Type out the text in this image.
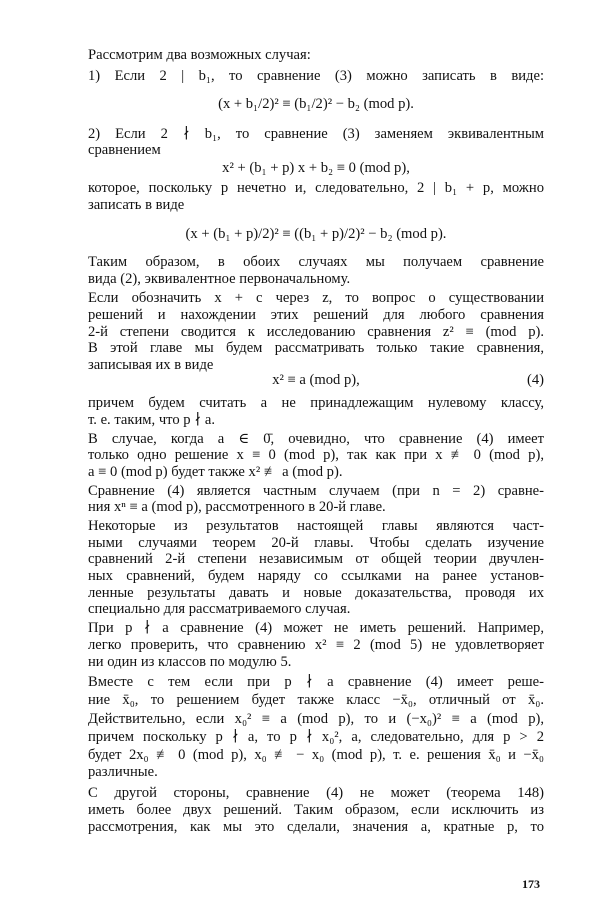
Рассмотрим два возможных случая:
1) Если 2 | b₁, то сравнение (3) можно записать в виде:
(x + b₁/2)² ≡ (b₁/2)² − b₂ (mod p).
2) Если 2 ∤ b₁, то сравнение (3) заменяем эквивалентным
сравнением
x² + (b₁ + p) x + b₂ ≡ 0 (mod p),
которое, поскольку p нечетно и, следовательно, 2 | b₁ + p, можно
записать в виде
(x + (b₁ + p)/2)² ≡ ((b₁ + p)/2)² − b₂ (mod p).
Таким образом, в обоих случаях мы получаем сравнение
вида (2), эквивалентное первоначальному.
Если обозначить x + c через z, то вопрос о существовании
решений и нахождении этих решений для любого сравнения
2-й степени сводится к исследованию сравнения z² ≡ (mod p).
В этой главе мы будем рассматривать только такие сравнения,
записывая их в виде
x² ≡ a (mod p),	(4)
причем будем считать a не принадлежащим нулевому классу,
т. е. таким, что p ∤ a.
В случае, когда a ∈ 0̄, очевидно, что сравнение (4) имеет
только одно решение x ≡ 0 (mod p), так как при x ≢ 0 (mod p),
a ≡ 0 (mod p) будет также x² ≢ a (mod p).
Сравнение (4) является частным случаем (при n = 2) сравне-
ния xⁿ ≡ a (mod p), рассмотренного в 20-й главе.
Некоторые из результатов настоящей главы являются част-
ными случаями теорем 20-й главы. Чтобы сделать изучение
сравнений 2-й степени независимым от общей теории двучлен-
ных сравнений, будем наряду со ссылками на ранее установ-
ленные результаты давать и новые доказательства, проводя их
специально для рассматриваемого случая.
При p ∤ a сравнение (4) может не иметь решений. Например,
легко проверить, что сравнению x² ≡ 2 (mod 5) не удовлетворяет
ни один из классов по модулю 5.
Вместе с тем если при p ∤ a сравнение (4) имеет реше-
ние x̄₀, то решением будет также класс −x̄₀, отличный от x̄₀.
Действительно, если x₀² ≡ a (mod p), то и (−x₀)² ≡ a (mod p),
причем поскольку p ∤ a, то p ∤ x₀², а, следовательно, для p > 2
будет 2x₀ ≢ 0 (mod p), x₀ ≢ − x₀ (mod p), т. е. решения x̄₀ и −x̄₀
различные.
С другой стороны, сравнение (4) не может (теорема 148)
иметь более двух решений. Таким образом, если исключить из
рассмотрения, как мы это сделали, значения a, кратные p, то
173
